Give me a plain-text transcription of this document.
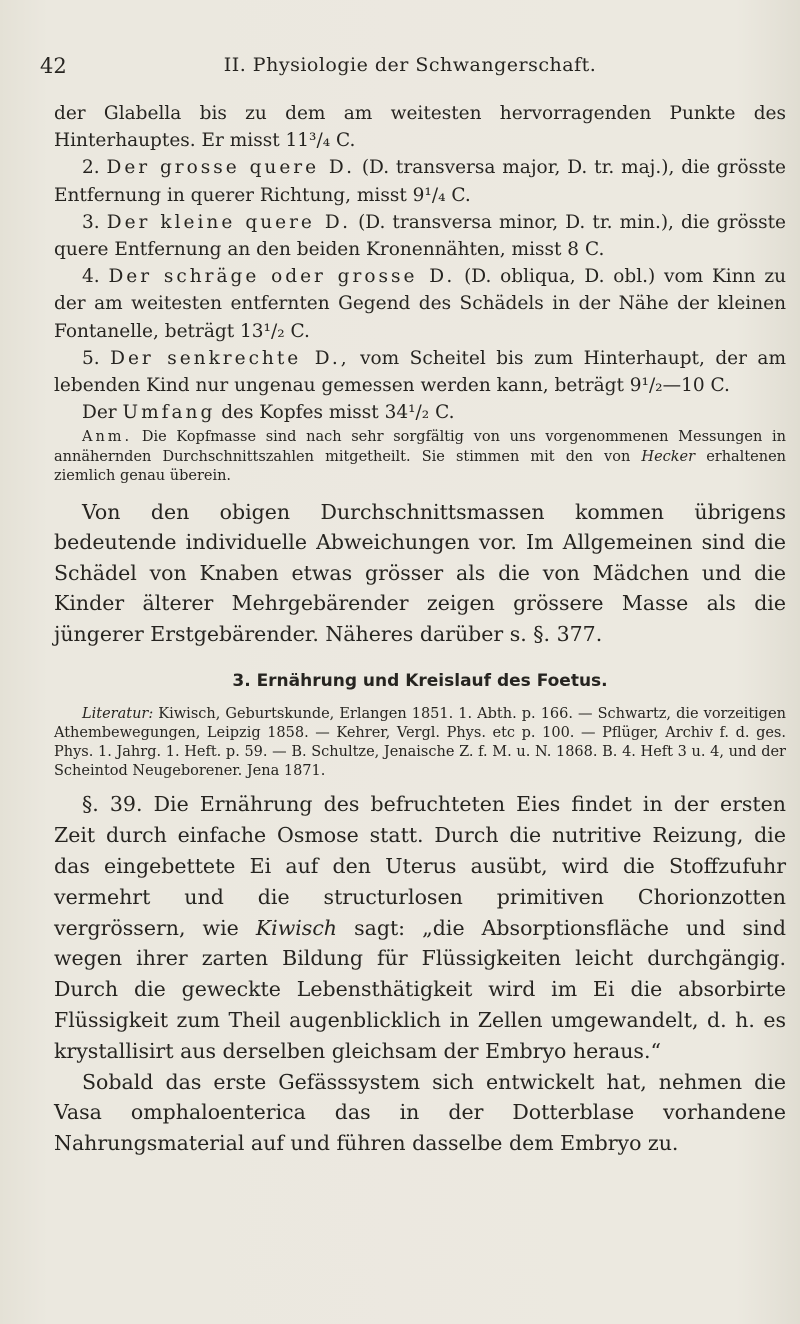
42	II. Physiologie der Schwangerschaft.

der Glabella bis zu dem am weitesten hervorragenden Punkte des Hinterhauptes. Er misst 11³/₄ C.

2. Der grosse quere D. (D. transversa major, D. tr. maj.), die grösste Entfernung in querer Richtung, misst 9¹/₄ C.

3. Der kleine quere D. (D. transversa minor, D. tr. min.), die grösste quere Entfernung an den beiden Kronennähten, misst 8 C.

4. Der schräge oder grosse D. (D. obliqua, D. obl.) vom Kinn zu der am weitesten entfernten Gegend des Schädels in der Nähe der kleinen Fontanelle, beträgt 13¹/₂ C.

5. Der senkrechte D., vom Scheitel bis zum Hinterhaupt, der am lebenden Kind nur ungenau gemessen werden kann, beträgt 9¹/₂—10 C.

Der Umfang des Kopfes misst 34¹/₂ C.

Anm. Die Kopfmasse sind nach sehr sorgfältig von uns vorgenommenen Messungen in annähernden Durchschnittszahlen mitgetheilt. Sie stimmen mit den von Hecker erhaltenen ziemlich genau überein.

Von den obigen Durchschnittsmassen kommen übrigens bedeutende individuelle Abweichungen vor. Im Allgemeinen sind die Schädel von Knaben etwas grösser als die von Mädchen und die Kinder älterer Mehrgebärender zeigen grössere Masse als die jüngerer Erstgebärender. Näheres darüber s. §. 377.

3. Ernährung und Kreislauf des Foetus.

Literatur: Kiwisch, Geburtskunde, Erlangen 1851. 1. Abth. p. 166. — Schwartz, die vorzeitigen Athembewegungen, Leipzig 1858. — Kehrer, Vergl. Phys. etc p. 100. — Pflüger, Archiv f. d. ges. Phys. 1. Jahrg. 1. Heft. p. 59. — B. Schultze, Jenaische Z. f. M. u. N. 1868. B. 4. Heft 3 u. 4, und der Scheintod Neugeborener. Jena 1871.

§. 39. Die Ernährung des befruchteten Eies findet in der ersten Zeit durch einfache Osmose statt. Durch die nutritive Reizung, die das eingebettete Ei auf den Uterus ausübt, wird die Stoffzufuhr vermehrt und die structurlosen primitiven Chorionzotten vergrössern, wie Kiwisch sagt: „die Absorptionsfläche und sind wegen ihrer zarten Bildung für Flüssigkeiten leicht durchgängig. Durch die geweckte Lebensthätigkeit wird im Ei die absorbirte Flüssigkeit zum Theil augenblicklich in Zellen umgewandelt, d. h. es krystallisirt aus derselben gleichsam der Embryo heraus.“

Sobald das erste Gefässsystem sich entwickelt hat, nehmen die Vasa omphaloenterica das in der Dotterblase vorhandene Nahrungsmaterial auf und führen dasselbe dem Embryo zu.
